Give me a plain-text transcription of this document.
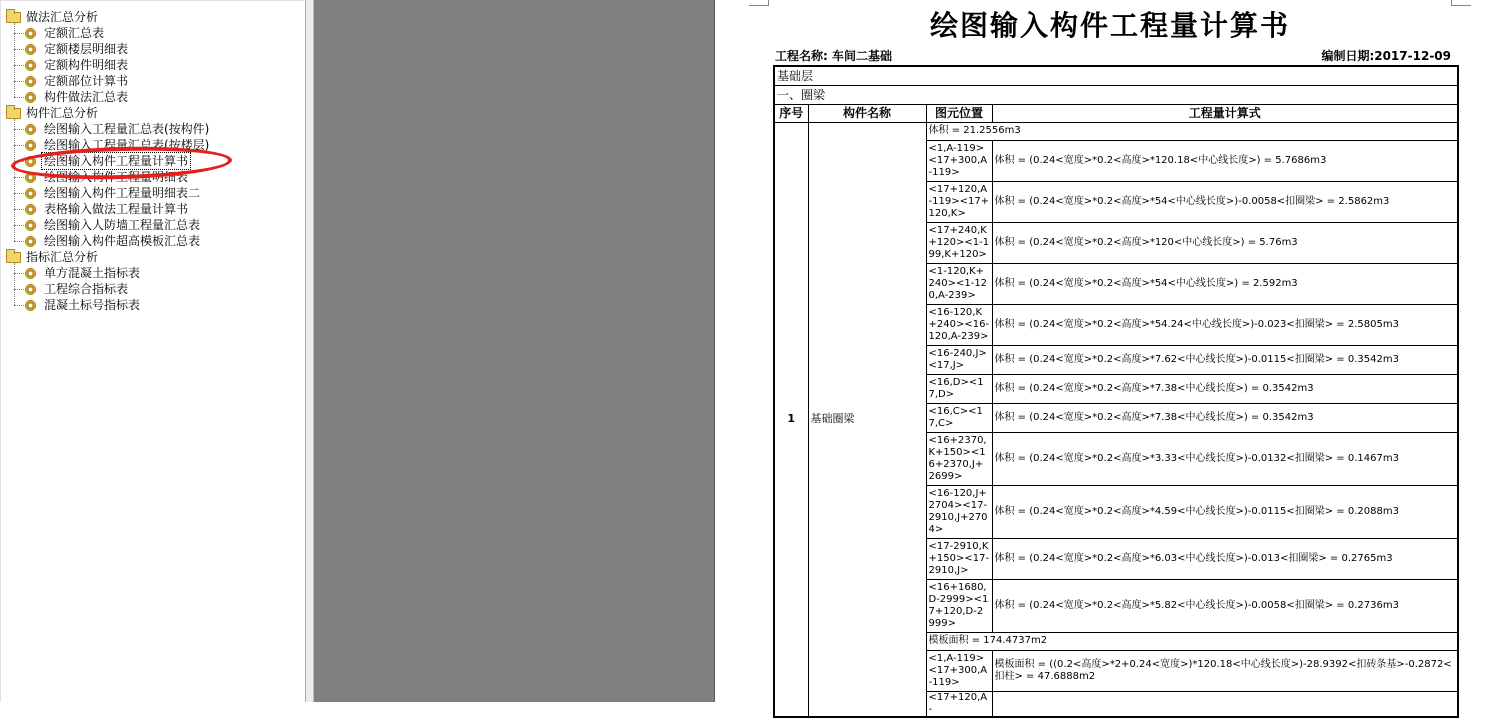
做法汇总分析
定额汇总表
定额楼层明细表
定额构件明细表
定额部位计算书
构件做法汇总表
构件汇总分析
绘图输入工程量汇总表(按构件)
绘图输入工程量汇总表(按楼层)
绘图输入构件工程量计算书
绘图输入构件工程量明细表
绘图输入构件工程量明细表二
表格输入做法工程量计算书
绘图输入人防墙工程量汇总表
绘图输入构件超高模板汇总表
指标汇总分析
单方混凝土指标表
工程综合指标表
混凝土标号指标表
绘图输入构件工程量计算书
工程名称: 车间二基础	编制日期:2017-12-09
基础层			
一、圈梁			
序号	构件名称	图元位置	工程量计算式
1	基础圈梁	体积 = 21.2556m3	
		<1,A-119><17+300,A-119>	体积 = (0.24<宽度>*0.2<高度>*120.18<中心线长度>) = 5.7686m3
		<17+120,A-119><17+120,K>	体积 = (0.24<宽度>*0.2<高度>*54<中心线长度>)-0.0058<扣圈梁> = 2.5862m3
		<17+240,K+120><1-199,K+120>	体积 = (0.24<宽度>*0.2<高度>*120<中心线长度>) = 5.76m3
		<1-120,K+240><1-120,A-239>	体积 = (0.24<宽度>*0.2<高度>*54<中心线长度>) = 2.592m3
		<16-120,K+240><16-120,A-239>	体积 = (0.24<宽度>*0.2<高度>*54.24<中心线长度>)-0.023<扣圈梁> = 2.5805m3
		<16-240,J><17,J>	体积 = (0.24<宽度>*0.2<高度>*7.62<中心线长度>)-0.0115<扣圈梁> = 0.3542m3
		<16,D><17,D>	体积 = (0.24<宽度>*0.2<高度>*7.38<中心线长度>) = 0.3542m3
		<16,C><17,C>	体积 = (0.24<宽度>*0.2<高度>*7.38<中心线长度>) = 0.3542m3
		<16+2370,K+150><16+2370,J+2699>	体积 = (0.24<宽度>*0.2<高度>*3.33<中心线长度>)-0.0132<扣圈梁> = 0.1467m3
		<16-120,J+2704><17-2910,J+2704>	体积 = (0.24<宽度>*0.2<高度>*4.59<中心线长度>)-0.0115<扣圈梁> = 0.2088m3
		<17-2910,K+150><17-2910,J>	体积 = (0.24<宽度>*0.2<高度>*6.03<中心线长度>)-0.013<扣圈梁> = 0.2765m3
		<16+1680,D-2999><17+120,D-2999>	体积 = (0.24<宽度>*0.2<高度>*5.82<中心线长度>)-0.0058<扣圈梁> = 0.2736m3
		模板面积 = 174.4737m2	
		<1,A-119><17+300,A-119>	模板面积 = ((0.2<高度>*2+0.24<宽度>)*120.18<中心线长度>)-28.9392<扣砖条基>-0.2872<扣柱> = 47.6888m2
		<17+120,A-	
